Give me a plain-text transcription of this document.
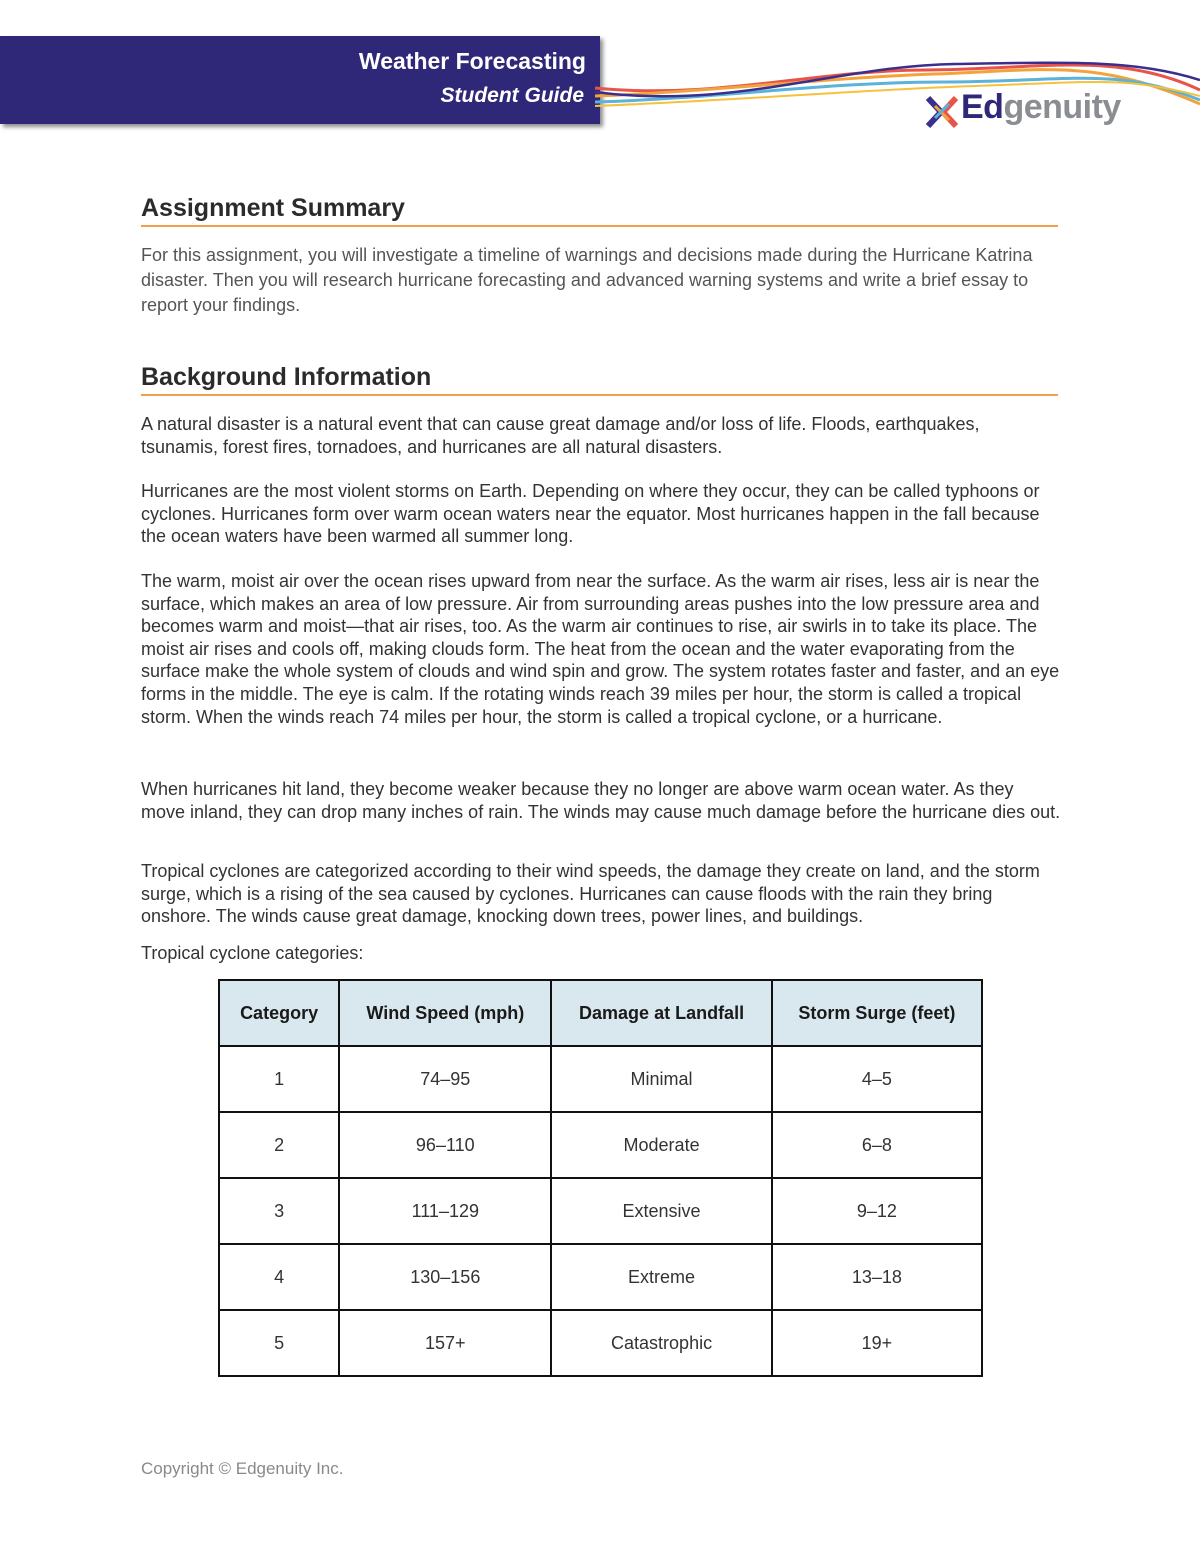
Weather Forecasting
Student Guide	Edgenuity
Assignment Summary

For this assignment, you will investigate a timeline of warnings and decisions made during the Hurricane Katrina disaster. Then you will research hurricane forecasting and advanced warning systems and write a brief essay to report your findings.

Background Information

A natural disaster is a natural event that can cause great damage and/or loss of life. Floods, earthquakes, tsunamis, forest fires, tornadoes, and hurricanes are all natural disasters.

Hurricanes are the most violent storms on Earth. Depending on where they occur, they can be called typhoons or cyclones. Hurricanes form over warm ocean waters near the equator. Most hurricanes happen in the fall because the ocean waters have been warmed all summer long.

The warm, moist air over the ocean rises upward from near the surface. As the warm air rises, less air is near the surface, which makes an area of low pressure. Air from surrounding areas pushes into the low pressure area and becomes warm and moist—that air rises, too. As the warm air continues to rise, air swirls in to take its place. The moist air rises and cools off, making clouds form. The heat from the ocean and the water evaporating from the surface make the whole system of clouds and wind spin and grow. The system rotates faster and faster, and an eye forms in the middle. The eye is calm. If the rotating winds reach 39 miles per hour, the storm is called a tropical storm. When the winds reach 74 miles per hour, the storm is called a tropical cyclone, or a hurricane.

When hurricanes hit land, they become weaker because they no longer are above warm ocean water. As they move inland, they can drop many inches of rain. The winds may cause much damage before the hurricane dies out.

Tropical cyclones are categorized according to their wind speeds, the damage they create on land, and the storm surge, which is a rising of the sea caused by cyclones. Hurricanes can cause floods with the rain they bring onshore. The winds cause great damage, knocking down trees, power lines, and buildings.

Tropical cyclone categories:

Category	Wind Speed (mph)	Damage at Landfall	Storm Surge (feet)
1	74–95	Minimal	4–5
2	96–110	Moderate	6–8
3	111–129	Extensive	9–12
4	130–156	Extreme	13–18
5	157+	Catastrophic	19+
Copyright © Edgenuity Inc.
